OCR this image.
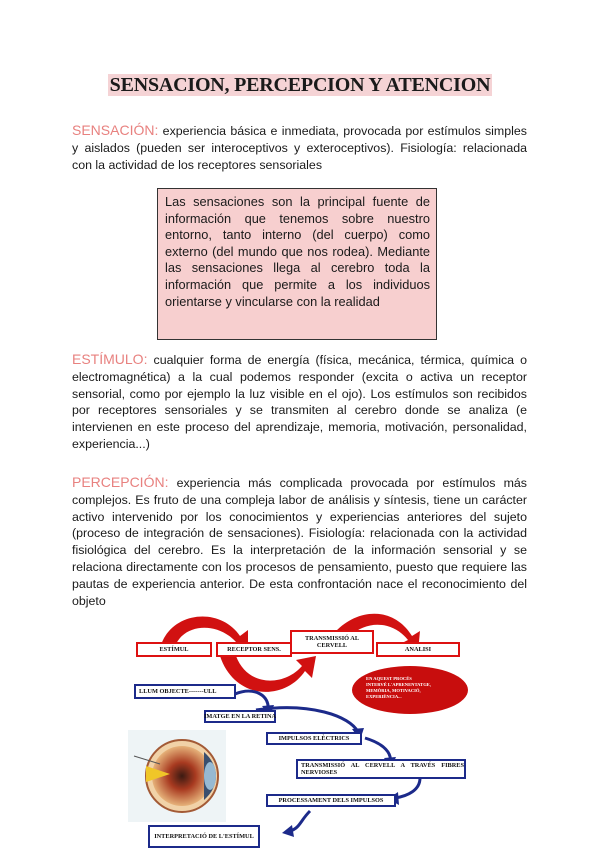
SENSACION, PERCEPCION Y ATENCION

SENSACIÓN: experiencia básica e inmediata, provocada por estímulos simples y aislados (pueden ser interoceptivos y exteroceptivos). Fisiología: relacionada con la actividad de los receptores sensoriales

Las sensaciones son la principal fuente de información que tenemos sobre nuestro entorno, tanto interno (del cuerpo) como externo (del mundo que nos rodea). Mediante las sensaciones llega al cerebro toda la información que permite a los individuos orientarse y vincularse con la realidad

ESTÍMULO: cualquier forma de energía (física, mecánica, térmica, química o electromagnética) a la cual podemos responder (excita o activa un receptor sensorial, como por ejemplo la luz visible en el ojo). Los estímulos son recibidos por receptores sensoriales y se transmiten al cerebro donde se analiza (e intervienen en este proceso del aprendizaje, memoria, motivación, personalidad, experiencia...)

PERCEPCIÓN: experiencia más complicada provocada por estímulos más complejos. Es fruto de una compleja labor de análisis y síntesis, tiene un carácter activo intervenido por los conocimientos y experiencias anteriores del sujeto (proceso de integración de sensaciones). Fisiología: relacionada con la actividad fisiológica del cerebro. Es la interpretación de la información sensorial y se relaciona directamente con los procesos de pensamiento, puesto que requiere las pautas de experiencia anterior. De esta confrontación nace el reconocimiento del objeto

ESTÍMUL	RECEPTOR SENS.
TRANSMISSIÓ AL CERVELL
ANALISI
EN AQUEST PROCÉS
INTERVÉ L'APRENENTATGE,
MEMÒRIA, MOTIVACIÓ,
EXPERIÈNCIA...
LLUM OBJECTE-------ULL
IMATGE EN LA RETINA
IMPULSOS ELÈCTRICS
TRANSMISSIÓ AL CERVELL A TRAVÉS FIBRES NERVIOSES
PROCESSAMENT DELS IMPULSOS
INTERPRETACIÓ DE L'ESTÍMUL
